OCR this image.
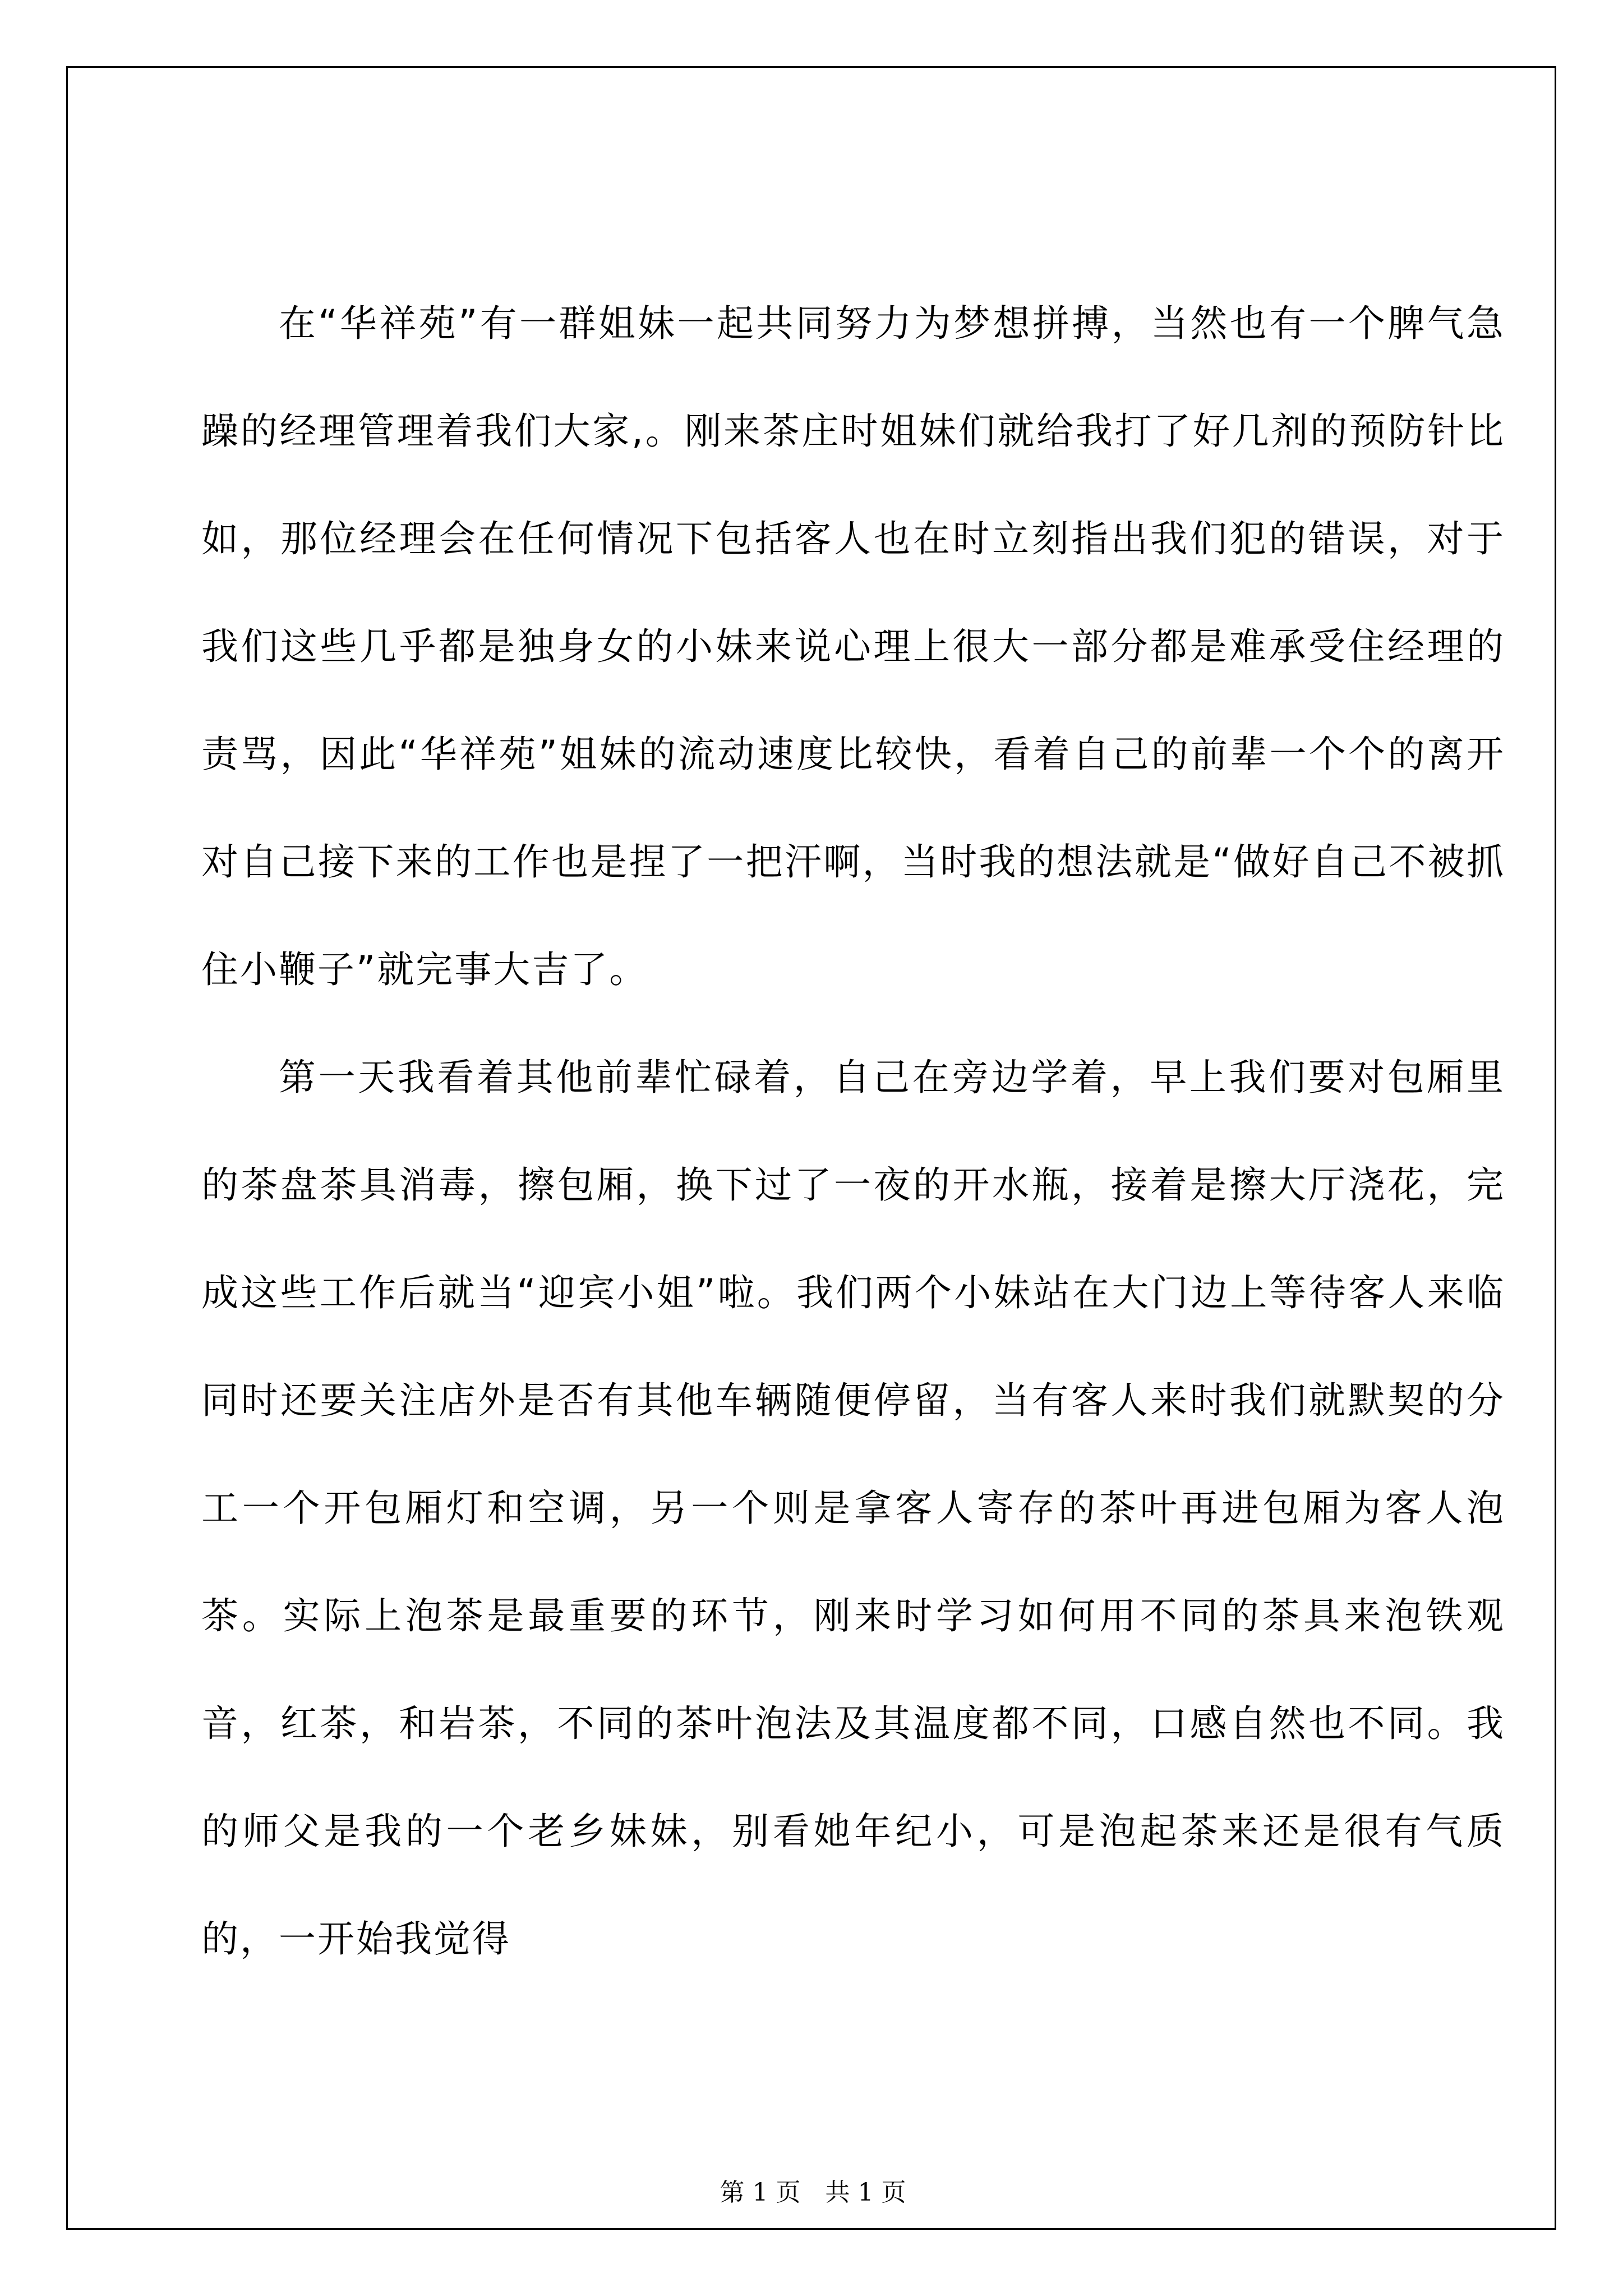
在“华祥苑”有一群姐妹一起共同努力为梦想拼搏，当然也有一个脾气急躁的经理管理着我们大家,。刚来茶庄时姐妹们就给我打了好几剂的预防针比如，那位经理会在任何情况下包括客人也在时立刻指出我们犯的错误，对于我们这些几乎都是独身女的小妹来说心理上很大一部分都是难承受住经理的责骂，因此“华祥苑”姐妹的流动速度比较快，看着自己的前辈一个个的离开对自己接下来的工作也是捏了一把汗啊，当时我的想法就是“做好自己不被抓住小鞭子”就完事大吉了。

第一天我看着其他前辈忙碌着，自己在旁边学着，早上我们要对包厢里的茶盘茶具消毒，擦包厢，换下过了一夜的开水瓶，接着是擦大厅浇花，完成这些工作后就当“迎宾小姐”啦。我们两个小妹站在大门边上等待客人来临同时还要关注店外是否有其他车辆随便停留，当有客人来时我们就默契的分工一个开包厢灯和空调，另一个则是拿客人寄存的茶叶再进包厢为客人泡茶。实际上泡茶是最重要的环节，刚来时学习如何用不同的茶具来泡铁观音，红茶，和岩茶，不同的茶叶泡法及其温度都不同，口感自然也不同。我的师父是我的一个老乡妹妹，别看她年纪小，可是泡起茶来还是很有气质的，一开始我觉得

第 1 页　共 1 页
